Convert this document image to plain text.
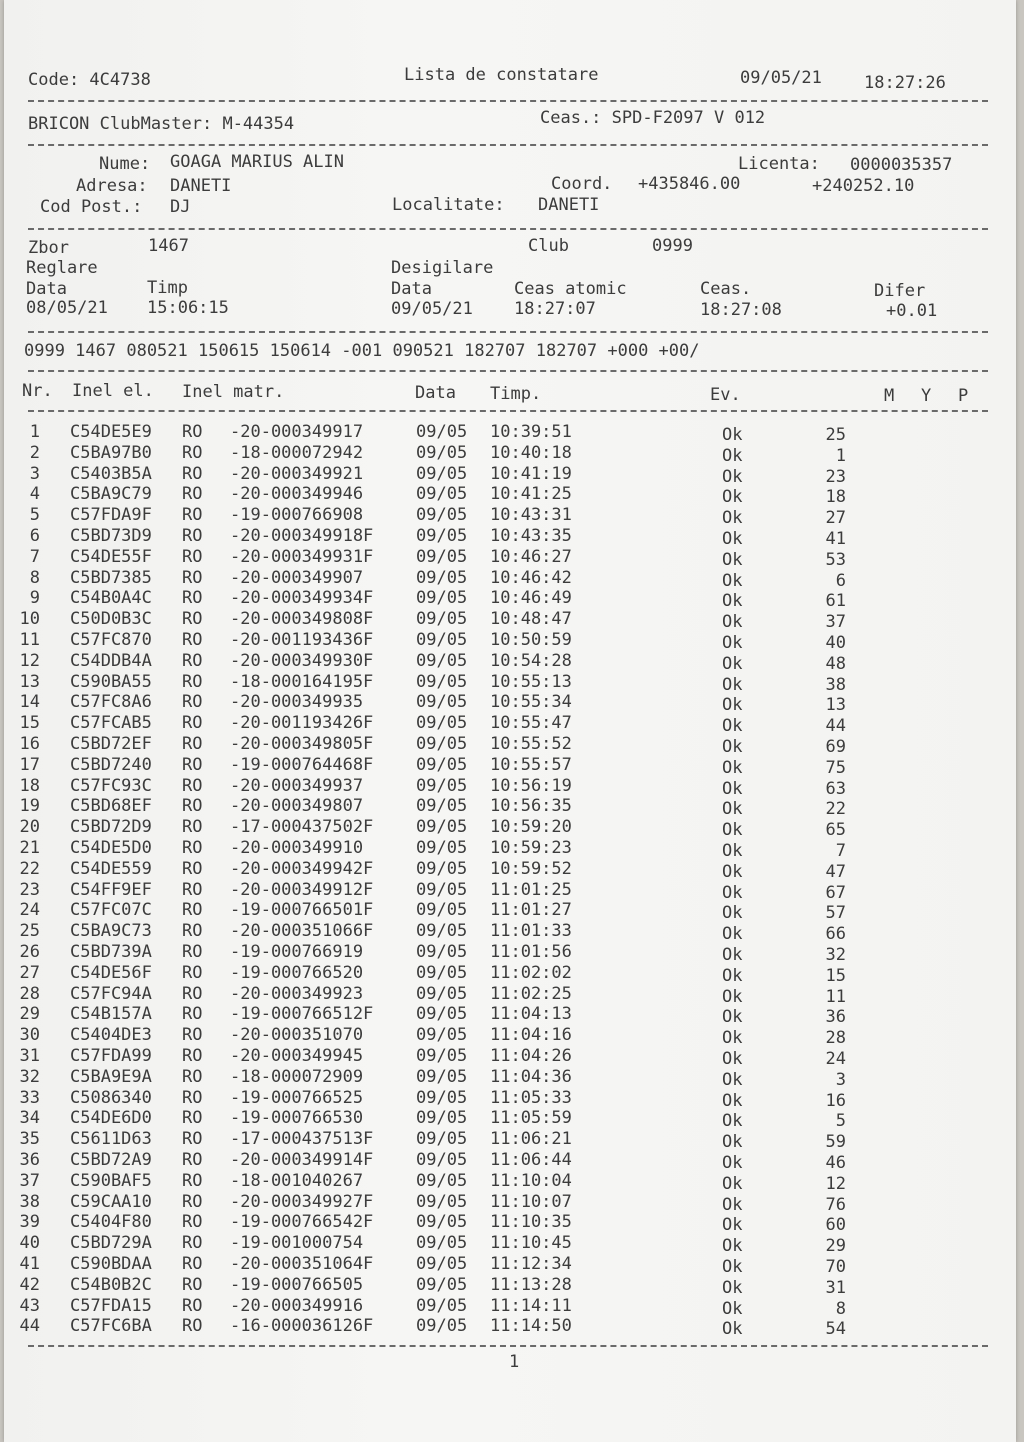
Code: 4C4738	Lista de constatare	09/05/21 18:27:26
BRICON ClubMaster: M-44354	Ceas.: SPD-F2097 V 012
Nume: GOAGA MARIUS ALIN	Licenta: 0000035357
Adresa: DANETI	Coord. +435846.00	+240252.10
Cod Post.: DJ	Localitate: DANETI
Zbor	1467	Club	0999
Reglare	Desigilare
Data	Timp	Data	Ceas atomic	Ceas.	Difer
08/05/21 15:06:15	09/05/21 18:27:07	18:27:08	+0.01
0999 1467 080521 150615 150614 -001 090521 182707 182707 +000 +00/
Nr. Inel el. Inel matr.	Data Timp.	Ev.	M Y P
1 C54DE5E9 RO -20-000349917	09/05 10:39:51	Ok	25
2 C5BA97B0 RO -18-000072942	09/05 10:40:18	Ok	1
3 C5403B5A RO -20-000349921	09/05 10:41:19	Ok	23
4 C5BA9C79 RO -20-000349946	09/05 10:41:25	Ok	18
5 C57FDA9F RO -19-000766908	09/05 10:43:31	Ok	27
6 C5BD73D9 RO -20-000349918F	09/05 10:43:35	Ok	41
7 C54DE55F RO -20-000349931F	09/05 10:46:27	Ok	53
8 C5BD7385 RO -20-000349907	09/05 10:46:42	Ok	6
9 C54B0A4C RO -20-000349934F	09/05 10:46:49	Ok	61
10 C50D0B3C RO -20-000349808F	09/05 10:48:47	Ok	37
11 C57FC870 RO -20-001193436F	09/05 10:50:59	Ok	40
12 C54DDB4A RO -20-000349930F	09/05 10:54:28	Ok	48
13 C590BA55 RO -18-000164195F	09/05 10:55:13	Ok	38
14 C57FC8A6 RO -20-000349935	09/05 10:55:34	Ok	13
15 C57FCAB5 RO -20-001193426F	09/05 10:55:47	Ok	44
16 C5BD72EF RO -20-000349805F	09/05 10:55:52	Ok	69
17 C5BD7240 RO -19-000764468F	09/05 10:55:57	Ok	75
18 C57FC93C RO -20-000349937	09/05 10:56:19	Ok	63
19 C5BD68EF RO -20-000349807	09/05 10:56:35	Ok	22
20 C5BD72D9 RO -17-000437502F	09/05 10:59:20	Ok	65
21 C54DE5D0 RO -20-000349910	09/05 10:59:23	Ok	7
22 C54DE559 RO -20-000349942F	09/05 10:59:52	Ok	47
23 C54FF9EF RO -20-000349912F	09/05 11:01:25	Ok	67
24 C57FC07C RO -19-000766501F	09/05 11:01:27	Ok	57
25 C5BA9C73 RO -20-000351066F	09/05 11:01:33	Ok	66
26 C5BD739A RO -19-000766919	09/05 11:01:56	Ok	32
27 C54DE56F RO -19-000766520	09/05 11:02:02	Ok	15
28 C57FC94A RO -20-000349923	09/05 11:02:25	Ok	11
29 C54B157A RO -19-000766512F	09/05 11:04:13	Ok	36
30 C5404DE3 RO -20-000351070	09/05 11:04:16	Ok	28
31 C57FDA99 RO -20-000349945	09/05 11:04:26	Ok	24
32 C5BA9E9A RO -18-000072909	09/05 11:04:36	Ok	3
33 C5086340 RO -19-000766525	09/05 11:05:33	Ok	16
34 C54DE6D0 RO -19-000766530	09/05 11:05:59	Ok	5
35 C5611D63 RO -17-000437513F	09/05 11:06:21	Ok	59
36 C5BD72A9 RO -20-000349914F	09/05 11:06:44	Ok	46
37 C590BAF5 RO -18-001040267	09/05 11:10:04	Ok	12
38 C59CAA10 RO -20-000349927F	09/05 11:10:07	Ok	76
39 C5404F80 RO -19-000766542F	09/05 11:10:35	Ok	60
40 C5BD729A RO -19-001000754	09/05 11:10:45	Ok	29
41 C590BDAA RO -20-000351064F	09/05 11:12:34	Ok	70
42 C54B0B2C RO -19-000766505	09/05 11:13:28	Ok	31
43 C57FDA15 RO -20-000349916	09/05 11:14:11	Ok	8
44 C57FC6BA RO -16-000036126F	09/05 11:14:50	Ok	54
1
